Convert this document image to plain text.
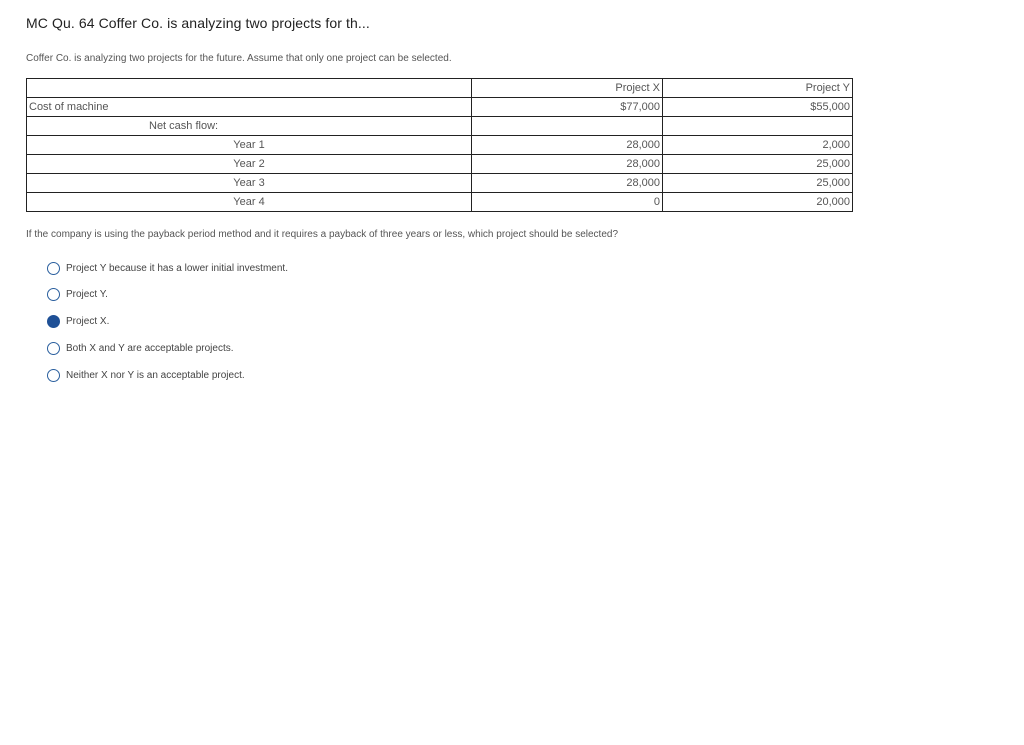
MC Qu. 64 Coffer Co. is analyzing two projects for th...

Coffer Co. is analyzing two projects for the future. Assume that only one project can be selected.

	Project X	Project Y
Cost of machine	$77,000	$55,000
Net cash flow:		
Year 1	28,000	2,000
Year 2	28,000	25,000
Year 3	28,000	25,000
Year 4	0	20,000

If the company is using the payback period method and it requires a payback of three years or less, which project should be selected?

Project Y because it has a lower initial investment.
Project Y.
Project X.
Both X and Y are acceptable projects.
Neither X nor Y is an acceptable project.
